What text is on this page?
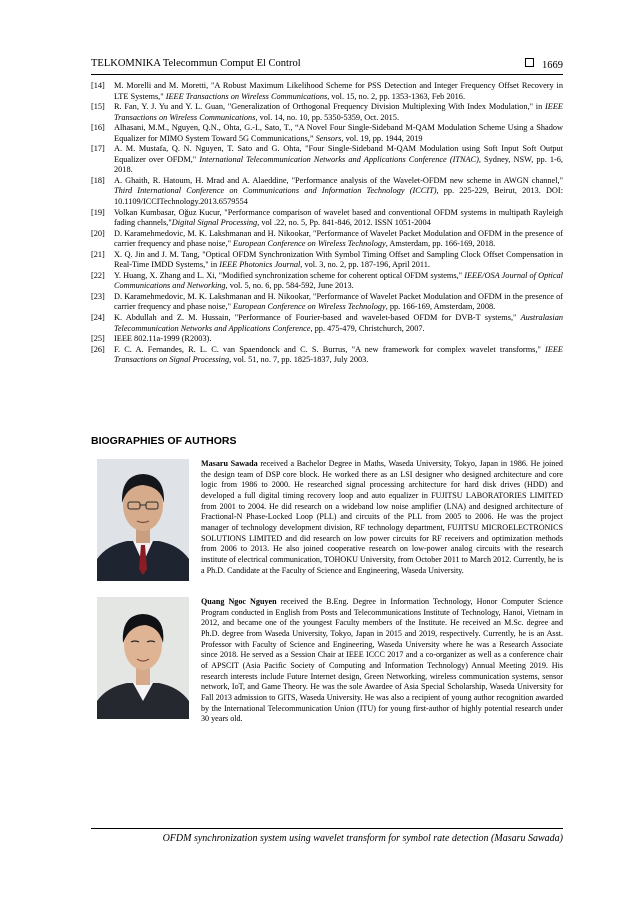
TELKOMNIKA Telecommun Comput El Control	1669
[14] M. Morelli and M. Moretti, "A Robust Maximum Likelihood Scheme for PSS Detection and Integer Frequency Offset Recovery in LTE Systems," IEEE Transactions on Wireless Communications, vol. 15, no. 2, pp. 1353-1363, Feb 2016.
[15] R. Fan, Y. J. Yu and Y. L. Guan, "Generalization of Orthogonal Frequency Division Multiplexing With Index Modulation," in IEEE Transactions on Wireless Communications, vol. 14, no. 10, pp. 5350-5359, Oct. 2015.
[16] Alhasani, M.M., Nguyen, Q.N., Ohta, G.-I., Sato, T., “A Novel Four Single-Sideband M-QAM Modulation Scheme Using a Shadow Equalizer for MIMO System Toward 5G Communications,” Sensors, vol. 19, pp. 1944, 2019
[17] A. M. Mustafa, Q. N. Nguyen, T. Sato and G. Ohta, "Four Single-Sideband M-QAM Modulation using Soft Input Soft Output Equalizer over OFDM," International Telecommunication Networks and Applications Conference (ITNAC), Sydney, NSW, pp. 1-6, 2018.
[18] A. Ghaith, R. Hatoum, H. Mrad and A. Alaeddine, "Performance analysis of the Wavelet-OFDM new scheme in AWGN channel," Third International Conference on Communications and Information Technology (ICCIT), pp. 225-229, Beirut, 2013. DOI: 10.1109/ICCITechnology.2013.6579554
[19] Volkan Kumbasar, Oğuz Kucur, "Performance comparison of wavelet based and conventional OFDM systems in multipath Rayleigh fading channels,"Digital Signal Processing, vol .22, no. 5, Pp. 841-846, 2012. ISSN 1051-2004
[20] D. Karamehmedovic, M. K. Lakshmanan and H. Nikookar, "Performance of Wavelet Packet Modulation and OFDM in the presence of carrier frequency and phase noise," European Conference on Wireless Technology, Amsterdam, pp. 166-169, 2018.
[21] X. Q. Jin and J. M. Tang, "Optical OFDM Synchronization With Symbol Timing Offset and Sampling Clock Offset Compensation in Real-Time IMDD Systems," in IEEE Photonics Journal, vol. 3, no. 2, pp. 187-196, April 2011.
[22] Y. Huang, X. Zhang and L. Xi, "Modified synchronization scheme for coherent optical OFDM systems," IEEE/OSA Journal of Optical Communications and Networking, vol. 5, no. 6, pp. 584-592, June 2013.
[23] D. Karamehmedovic, M. K. Lakshmanan and H. Nikookar, "Performance of Wavelet Packet Modulation and OFDM in the presence of carrier frequency and phase noise," European Conference on Wireless Technology, pp. 166-169, Amsterdam, 2008.
[24] K. Abdullah and Z. M. Hussain, "Performance of Fourier-based and wavelet-based OFDM for DVB-T systems," Australasian Telecommunication Networks and Applications Conference, pp. 475-479, Christchurch, 2007.
[25] IEEE 802.11a-1999 (R2003).
[26] F. C. A. Fernandes, R. L. C. van Spaendonck and C. S. Burrus, "A new framework for complex wavelet transforms," IEEE Transactions on Signal Processing, vol. 51, no. 7, pp. 1825-1837, July 2003.
BIOGRAPHIES OF AUTHORS
Masaru Sawada received a Bachelor Degree in Maths, Waseda University, Tokyo, Japan in 1986. He joined the design team of DSP core block. He worked there as an LSI designer who designed architecture and core logic from 1986 to 2000. He researched signal processing architecture for hard disk drives (HDD) and developed a full digital timing recovery loop and auto equalizer in FUJITSU LABORATORIES LIMITED from 2001 to 2004. He did research on a wideband low noise amplifier (LNA) and designed architecture of Fractional-N Phase-Locked Loop (PLL) and circuits of the PLL from 2005 to 2006. He was the project manager of technology development division, RF technology department, FUJITSU MICROELECTRONICS SOLUTIONS LIMITED and did research on low power circuits for RF receivers and optimization methods from 2006 to 2013. He also joined cooperative research on low-power analog circuits with the research institute of electrical communication, TOHOKU University, from October 2011 to March 2012. Currently, he is a Ph.D. Candidate at the Faculty of Science and Engineering, Waseda University.
Quang Ngoc Nguyen received the B.Eng. Degree in Information Technology, Honor Computer Science Program conducted in English from Posts and Telecommunications Institute of Technology, Hanoi, Vietnam in 2012, and became one of the youngest Faculty members of the Institute. He received an M.Sc. degree and Ph.D. degree from Waseda University, Tokyo, Japan in 2015 and 2019, respectively. Currently, he is an Asst. Professor with Faculty of Science and Engineering, Waseda University where he was a Research Associate since 2018. He served as a Session Chair at IEEE ICCC 2017 and a co-organizer as well as a conference chair of APSCIT (Asia Pacific Society of Computing and Information Technology) Annual Meeting 2019. His research interests include Future Internet design, Green Networking, wireless communication systems, sensor network, IoT, and Game Theory. He was the sole Awardee of Asia Special Scholarship, Waseda University for Fall 2013 admission to GITS, Waseda University. He was also a recipient of young author recognition awarded by the International Telecommunication Union (ITU) for young first-author of highly potential research under 30 years old.
OFDM synchronization system using wavelet transform for symbol rate detection (Masaru Sawada)
